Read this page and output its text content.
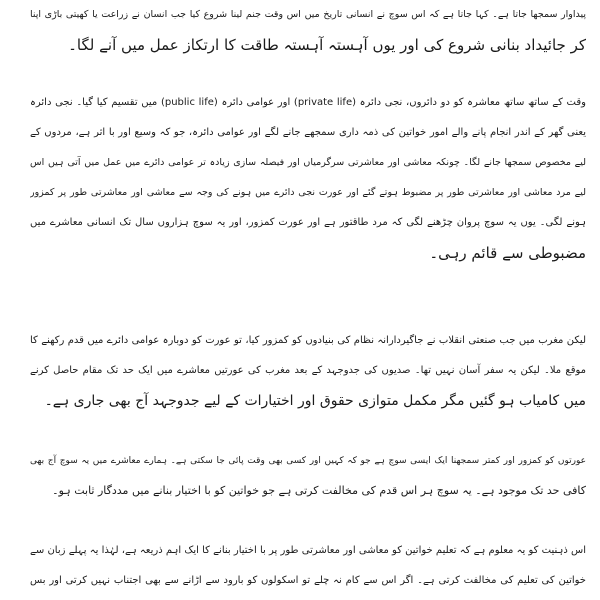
پیداوار سمجھا جاتا ہے۔ کہا جاتا ہے کہ اس سوچ نے انسانی تاریخ میں اس وقت جنم لینا شروع کیا جب انسان نے زراعت یا کھیتی باڑی اپنا
کر جائیداد بنانی شروع کی اور یوں آہستہ آہستہ طاقت کا ارتکاز عمل میں آنے لگا۔
وقت کے ساتھ ساتھ معاشرہ کو دو دائروں، نجی دائرہ (private life) اور عوامی دائرہ (public life) میں تقسیم کیا گیا۔ نجی دائرہ
یعنی گھر کے اندر انجام پانے والے امور خواتین کی ذمہ داری سمجھے جانے لگے اور عوامی دائرہ، جو کہ وسیع اور با اثر ہے، مردوں کے
لیے مخصوص سمجھا جانے لگا۔ چونکہ معاشی اور معاشرتی سرگرمیاں اور فیصلہ سازی زیادہ تر عوامی دائرے میں عمل میں آتی ہیں اس
لیے مرد معاشی اور معاشرتی طور پر مضبوط ہوتے گئے اور عورت نجی دائرے میں ہونے کی وجہ سے معاشی اور معاشرتی طور پر کمزور
ہونے لگی۔ یوں یہ سوچ پروان چڑھنے لگی کہ مرد طاقتور ہے اور عورت کمزور، اور یہ سوچ ہزاروں سال تک انسانی معاشرے میں
مضبوطی سے قائم رہی۔
لیکن مغرب میں جب صنعتی انقلاب نے جاگیردارانہ نظام کی بنیادوں کو کمزور کیا، تو عورت کو دوبارہ عوامی دائرے میں قدم رکھنے کا
موقع ملا۔ لیکن یہ سفر آسان نہیں تھا۔ صدیوں کی جدوجہد کے بعد مغرب کی عورتیں معاشرے میں ایک حد تک مقام حاصل کرنے
میں کامیاب ہو گئیں مگر مکمل متوازی حقوق اور اختیارات کے لیے جدوجہد آج بھی جاری ہے۔
عورتوں کو کمزور اور کمتر سمجھنا ایک ایسی سوچ ہے جو کہ کہیں اور کسی بھی وقت پائی جا سکتی ہے۔ ہمارے معاشرے میں یہ سوچ آج بھی
کافی حد تک موجود ہے۔ یہ سوچ ہر اس قدم کی مخالفت کرتی ہے جو خواتین کو با اختیار بنانے میں مددگار ثابت ہو۔
اس ذہنیت کو یہ معلوم ہے کہ تعلیم خواتین کو معاشی اور معاشرتی طور پر با اختیار بنانے کا ایک اہم ذریعہ ہے، لہٰذا یہ پہلے زبان سے
خواتین کی تعلیم کی مخالفت کرتی ہے۔ اگر اس سے کام نہ چلے تو اسکولوں کو بارود سے اڑانے سے بھی اجتناب نہیں کرتی اور بس
